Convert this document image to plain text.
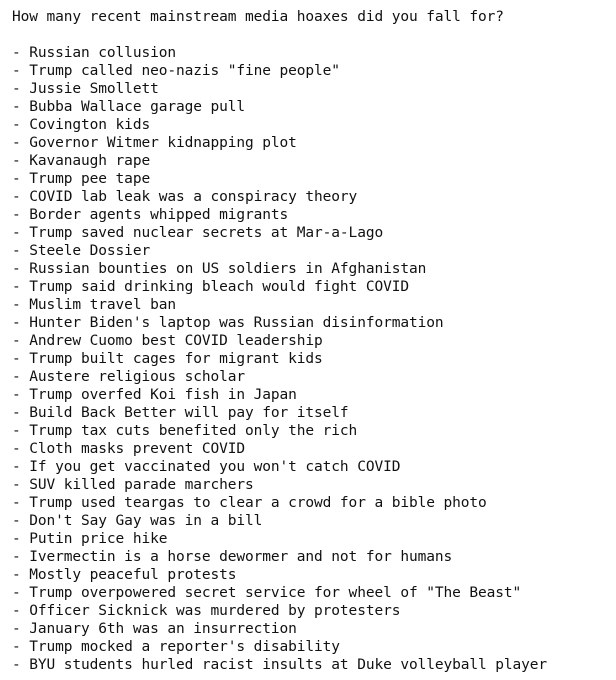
How many recent mainstream media hoaxes did you fall for?

- Russian collusion
- Trump called neo-nazis "fine people"
- Jussie Smollett
- Bubba Wallace garage pull
- Covington kids
- Governor Witmer kidnapping plot
- Kavanaugh rape
- Trump pee tape
- COVID lab leak was a conspiracy theory
- Border agents whipped migrants
- Trump saved nuclear secrets at Mar-a-Lago
- Steele Dossier
- Russian bounties on US soldiers in Afghanistan
- Trump said drinking bleach would fight COVID
- Muslim travel ban
- Hunter Biden's laptop was Russian disinformation
- Andrew Cuomo best COVID leadership
- Trump built cages for migrant kids
- Austere religious scholar
- Trump overfed Koi fish in Japan
- Build Back Better will pay for itself
- Trump tax cuts benefited only the rich
- Cloth masks prevent COVID
- If you get vaccinated you won't catch COVID
- SUV killed parade marchers
- Trump used teargas to clear a crowd for a bible photo
- Don't Say Gay was in a bill
- Putin price hike
- Ivermectin is a horse dewormer and not for humans
- Mostly peaceful protests
- Trump overpowered secret service for wheel of "The Beast"
- Officer Sicknick was murdered by protesters
- January 6th was an insurrection
- Trump mocked a reporter's disability
- BYU students hurled racist insults at Duke volleyball player
